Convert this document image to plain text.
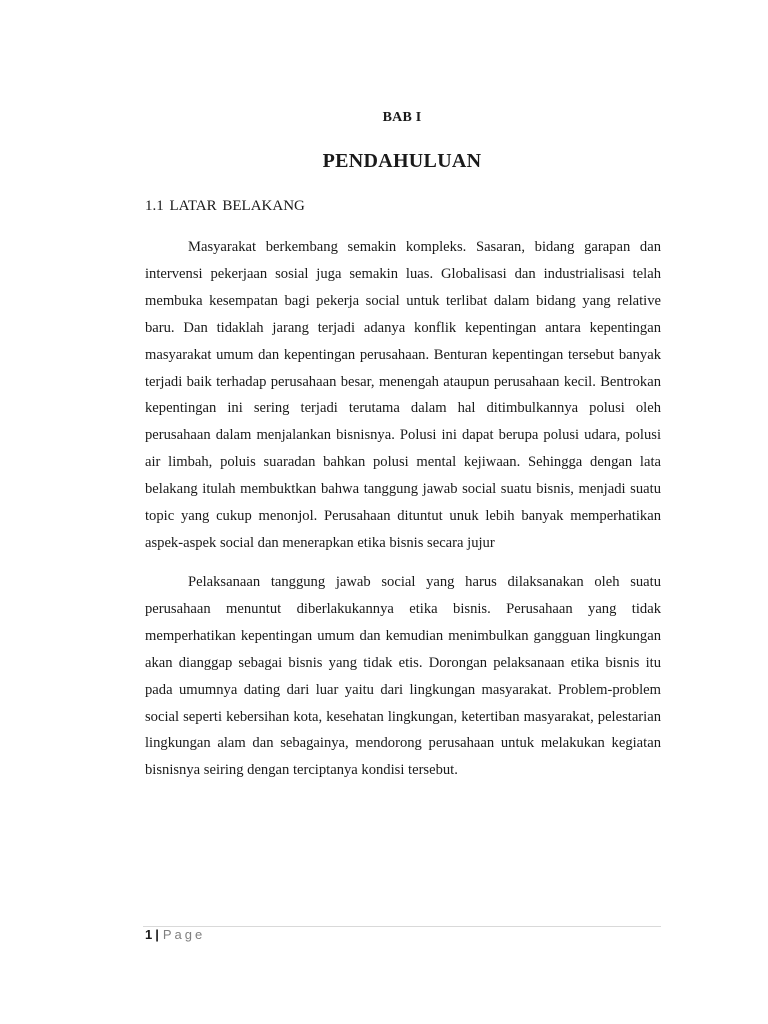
BAB I
PENDAHULUAN
1.1 LATAR BELAKANG

Masyarakat berkembang semakin kompleks. Sasaran, bidang garapan dan intervensi pekerjaan sosial juga semakin luas. Globalisasi dan industrialisasi telah membuka kesempatan bagi pekerja social untuk terlibat dalam bidang yang relative baru. Dan tidaklah jarang terjadi adanya konflik kepentingan antara kepentingan masyarakat umum dan kepentingan perusahaan. Benturan kepentingan tersebut banyak terjadi baik terhadap perusahaan besar, menengah ataupun perusahaan kecil. Bentrokan kepentingan ini sering terjadi terutama dalam hal ditimbulkannya polusi oleh perusahaan dalam menjalankan bisnisnya. Polusi ini dapat berupa polusi udara, polusi air limbah, poluis suaradan bahkan polusi mental kejiwaan. Sehingga dengan lata belakang itulah membuktkan bahwa tanggung jawab social suatu bisnis, menjadi suatu topic yang cukup menonjol. Perusahaan dituntut unuk lebih banyak memperhatikan aspek-aspek social dan menerapkan etika bisnis secara jujur

Pelaksanaan tanggung jawab social yang harus dilaksanakan oleh suatu perusahaan menuntut diberlakukannya etika bisnis. Perusahaan yang tidak memperhatikan kepentingan umum dan kemudian menimbulkan gangguan lingkungan akan dianggap sebagai bisnis yang tidak etis. Dorongan pelaksanaan etika bisnis itu pada umumnya dating dari luar yaitu dari lingkungan masyarakat. Problem-problem social seperti kebersihan kota, kesehatan lingkungan, ketertiban masyarakat, pelestarian lingkungan alam dan sebagainya, mendorong perusahaan untuk melakukan kegiatan bisnisnya seiring dengan terciptanya kondisi tersebut.

1 | Page
